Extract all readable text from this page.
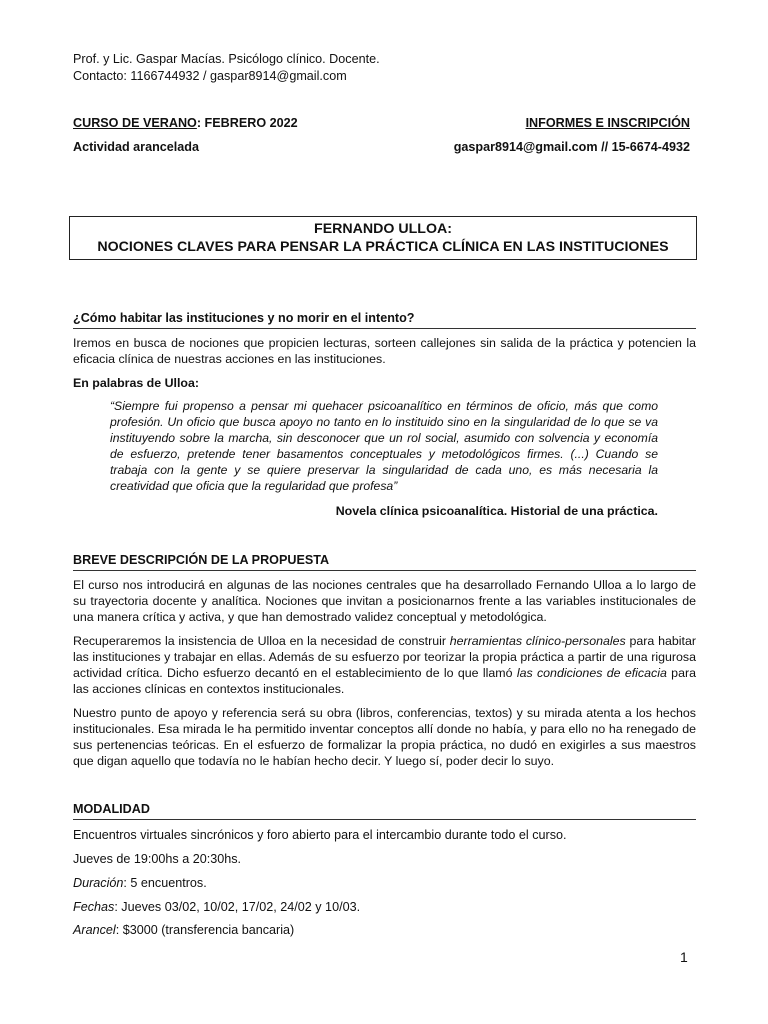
Prof. y Lic. Gaspar Macías. Psicólogo clínico. Docente.
Contacto: 1166744932 / gaspar8914@gmail.com
CURSO DE VERANO: FEBRERO 2022	INFORMES E INSCRIPCIÓN
Actividad arancelada	gaspar8914@gmail.com // 15-6674-4932
FERNANDO ULLOA:
NOCIONES CLAVES PARA PENSAR LA PRÁCTICA CLÍNICA EN LAS INSTITUCIONES
¿Cómo habitar las instituciones y no morir en el intento?
Iremos en busca de nociones que propicien lecturas, sorteen callejones sin salida de la práctica y potencien la eficacia clínica de nuestras acciones en las instituciones.
En palabras de Ulloa:
“Siempre fui propenso a pensar mi quehacer psicoanalítico en términos de oficio, más que como profesión. Un oficio que busca apoyo no tanto en lo instituido sino en la singularidad de lo que se va instituyendo sobre la marcha, sin desconocer que un rol social, asumido con solvencia y economía de esfuerzo, pretende tener basamentos conceptuales y metodológicos firmes. (...) Cuando se trabaja con la gente y se quiere preservar la singularidad de cada uno, es más necesaria la creatividad que oficia que la regularidad que profesa”
Novela clínica psicoanalítica. Historial de una práctica.
BREVE DESCRIPCIÓN DE LA PROPUESTA
El curso nos introducirá en algunas de las nociones centrales que ha desarrollado Fernando Ulloa a lo largo de su trayectoria docente y analítica. Nociones que invitan a posicionarnos frente a las variables institucionales de una manera crítica y activa, y que han demostrado validez conceptual y metodológica.
Recuperaremos la insistencia de Ulloa en la necesidad de construir herramientas clínico-personales para habitar las instituciones y trabajar en ellas. Además de su esfuerzo por teorizar la propia práctica a partir de una rigurosa actividad crítica. Dicho esfuerzo decantó en el establecimiento de lo que llamó las condiciones de eficacia para las acciones clínicas en contextos institucionales.
Nuestro punto de apoyo y referencia será su obra (libros, conferencias, textos) y su mirada atenta a los hechos institucionales. Esa mirada le ha permitido inventar conceptos allí donde no había, y para ello no ha renegado de sus pertenencias teóricas. En el esfuerzo de formalizar la propia práctica, no dudó en exigirles a sus maestros que digan aquello que todavía no le habían hecho decir. Y luego sí, poder decir lo suyo.
MODALIDAD
Encuentros virtuales sincrónicos y foro abierto para el intercambio durante todo el curso.
Jueves de 19:00hs a 20:30hs.
Duración: 5 encuentros.
Fechas: Jueves 03/02, 10/02, 17/02, 24/02 y 10/03.
Arancel: $3000 (transferencia bancaria)
1
